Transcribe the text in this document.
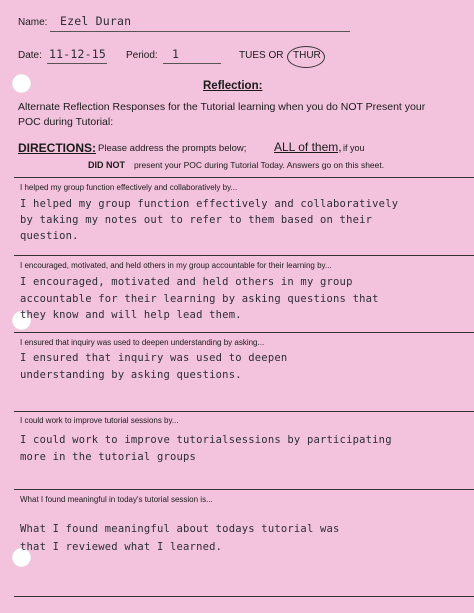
Name: Ezel Duran
Date: 11-12-15 Period: 1	TUES OR THUR
Reflection:
Alternate Reflection Responses for the Tutorial learning when you do NOT Present your
POC during Tutorial:
DIRECTIONS: Please address the prompts below; ALL of them, if you
DID NOT present your POC during Tutorial Today. Answers go on this sheet.
I helped my group function effectively and collaboratively by...
I helped my group function effectively and collaboratively
by taking my notes out to refer to them based on their
question.
I encouraged, motivated, and held others in my group accountable for their learning by...
I encouraged, motivated and held others in my group
accountable for their learning by asking questions that
they know and will help lead them.
I ensured that inquiry was used to deepen understanding by asking...
I ensured that inquiry was used to deepen
understanding by asking questions.
I could work to improve tutorial sessions by...
I could work to improve tutorialsessions by participating
more in the tutorial groups
What I found meaningful in today's tutorial session is...
What I found meaningful about todays tutorial was
that I reviewed what I learned.
